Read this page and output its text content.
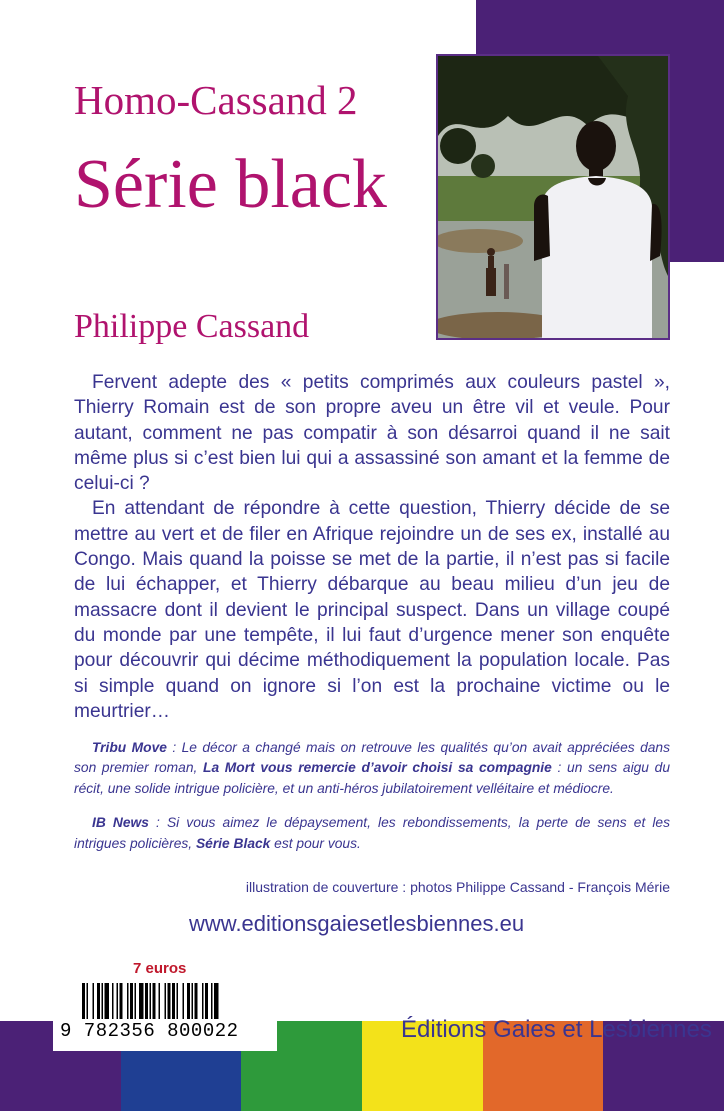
Homo-Cassand 2
Série black
Philippe Cassand

Fervent adepte des « petits comprimés aux couleurs pastel », Thierry Romain est de son propre aveu un être vil et veule. Pour autant, comment ne pas compatir à son désarroi quand il ne sait même plus si c’est bien lui qui a assassiné son amant et la femme de celui-ci ?

En attendant de répondre à cette question, Thierry décide de se mettre au vert et de filer en Afrique rejoindre un de ses ex, installé au Congo. Mais quand la poisse se met de la partie, il n’est pas si facile de lui échapper, et Thierry débarque au beau milieu d’un jeu de massacre dont il devient le principal suspect. Dans un village coupé du monde par une tempête, il lui faut d’urgence mener son enquête pour découvrir qui décime méthodiquement la population locale. Pas si simple quand on ignore si l’on est la prochaine victime ou le meurtrier…

Tribu Move : Le décor a changé mais on retrouve les qualités qu’on avait appréciées dans son premier roman, La Mort vous remercie d’avoir choisi sa compagnie : un sens aigu du récit, une solide intrigue policière, et un anti-héros jubilatoirement velléitaire et médiocre.

IB News : Si vous aimez le dépaysement, les rebondissements, la perte de sens et les intrigues policières, Série Black est pour vous.

illustration de couverture : photos Philippe Cassand - François Mérie
www.editionsgaiesetlesbiennes.eu
7 euros
9 782356 800022	Éditions Gaies et Lesbiennes
